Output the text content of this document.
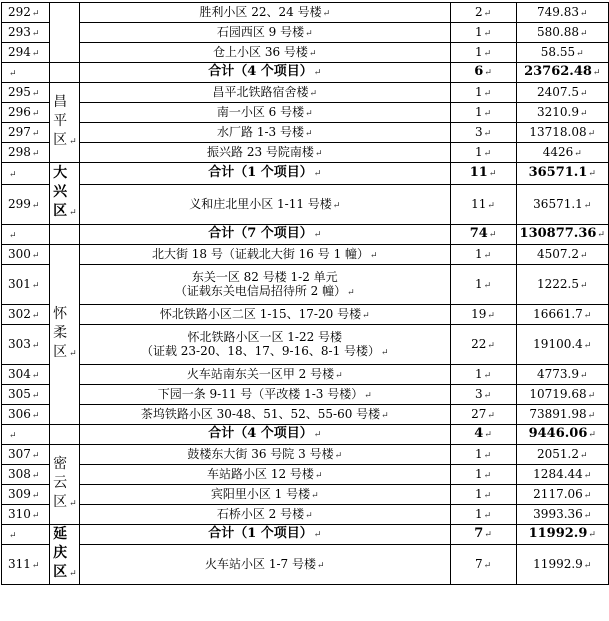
292↵		胜利小区 22、24 号楼↵	2↵	749.83↵
293↵		石园西区 9 号楼↵	1↵	580.88↵
294↵		仓上小区 36 号楼↵	1↵	58.55↵
↵		合计（4 个项目）↵	6↵	23762.48↵
295↵	昌平区 ↵	昌平北铁路宿舍楼↵	1↵	2407.5↵
296↵		南一小区 6 号楼↵	1↵	3210.9↵
297↵		水厂路 1-3 号楼↵	3↵	13718.08↵
298↵		振兴路 23 号院南楼↵	1↵	4426↵
↵	大兴区 ↵	合计（1 个项目）↵	11↵	36571.1↵
299↵		义和庄北里小区 1-11 号楼↵	11↵	36571.1↵
↵		合计（7 个项目）↵	74↵	130877.36↵
300↵	怀柔区 ↵	北大街 18 号（证载北大街 16 号 1 幢）↵	1↵	4507.2↵
301↵		东关一区 82 号楼 1-2 单元
（证载东关电信局招待所 2 幢）↵	1↵	1222.5↵
302↵		怀北铁路小区二区 1-15、17-20 号楼↵	19↵	16661.7↵
303↵		怀北铁路小区一区 1-22 号楼
（证载 23-20、18、17、9-16、8-1 号楼）↵	22↵	19100.4↵
304↵		火车站南东关一区甲 2 号楼↵	1↵	4773.9↵
305↵		下园一条 9-11 号（平改楼 1-3 号楼）↵	3↵	10719.68↵
306↵		茶坞铁路小区 30-48、51、52、55-60 号楼↵	27↵	73891.98↵
↵		合计（4 个项目）↵	4↵	9446.06↵
307↵	密云区 ↵	鼓楼东大街 36 号院 3 号楼↵	1↵	2051.2↵
308↵		车站路小区 12 号楼↵	1↵	1284.44↵
309↵		宾阳里小区 1 号楼↵	1↵	2117.06↵
310↵		石桥小区 2 号楼↵	1↵	3993.36↵
↵	延庆区 ↵	合计（1 个项目）↵	7↵	11992.9↵
311↵		火车站小区 1-7 号楼↵	7↵	11992.9↵
